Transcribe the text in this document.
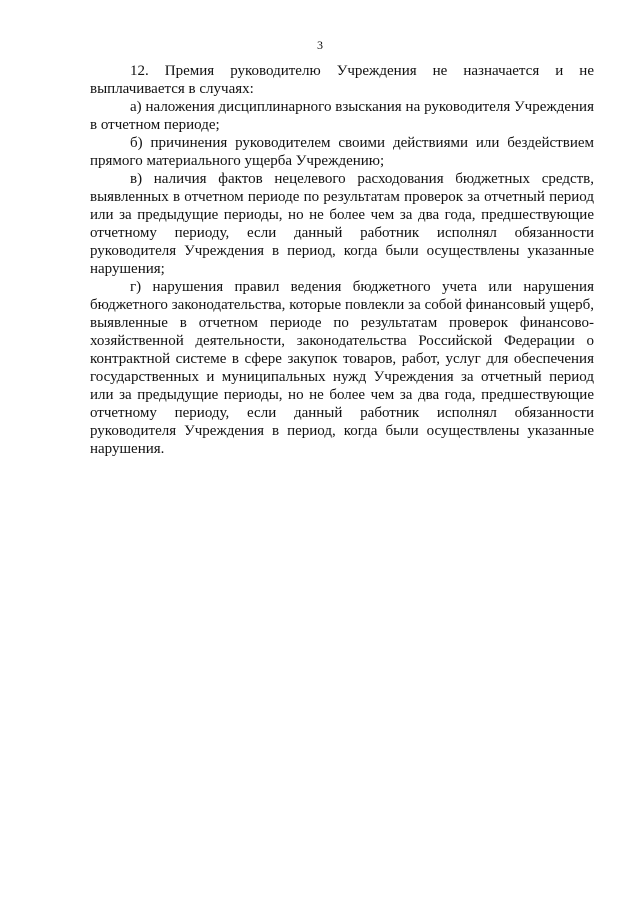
3

12. Премия руководителю Учреждения не назначается и не выплачивается в случаях:

а) наложения дисциплинарного взыскания на руководителя Учреждения в отчетном периоде;

б) причинения руководителем своими действиями или бездействием прямого материального ущерба Учреждению;

в) наличия фактов нецелевого расходования бюджетных средств, выявленных в отчетном периоде по результатам проверок за отчетный период или за предыдущие периоды, но не более чем за два года, предшествующие отчетному периоду, если данный работник исполнял обязанности руководителя Учреждения в период, когда были осуществлены указанные нарушения;

г) нарушения правил ведения бюджетного учета или нарушения бюджетного законодательства, которые повлекли за собой финансовый ущерб, выявленные в отчетном периоде по результатам проверок финансово-хозяйственной деятельности, законодательства Российской Федерации о контрактной системе в сфере закупок товаров, работ, услуг для обеспечения государственных и муниципальных нужд Учреждения за отчетный период или за предыдущие периоды, но не более чем за два года, предшествующие отчетному периоду, если данный работник исполнял обязанности руководителя Учреждения в период, когда были осуществлены указанные нарушения.
